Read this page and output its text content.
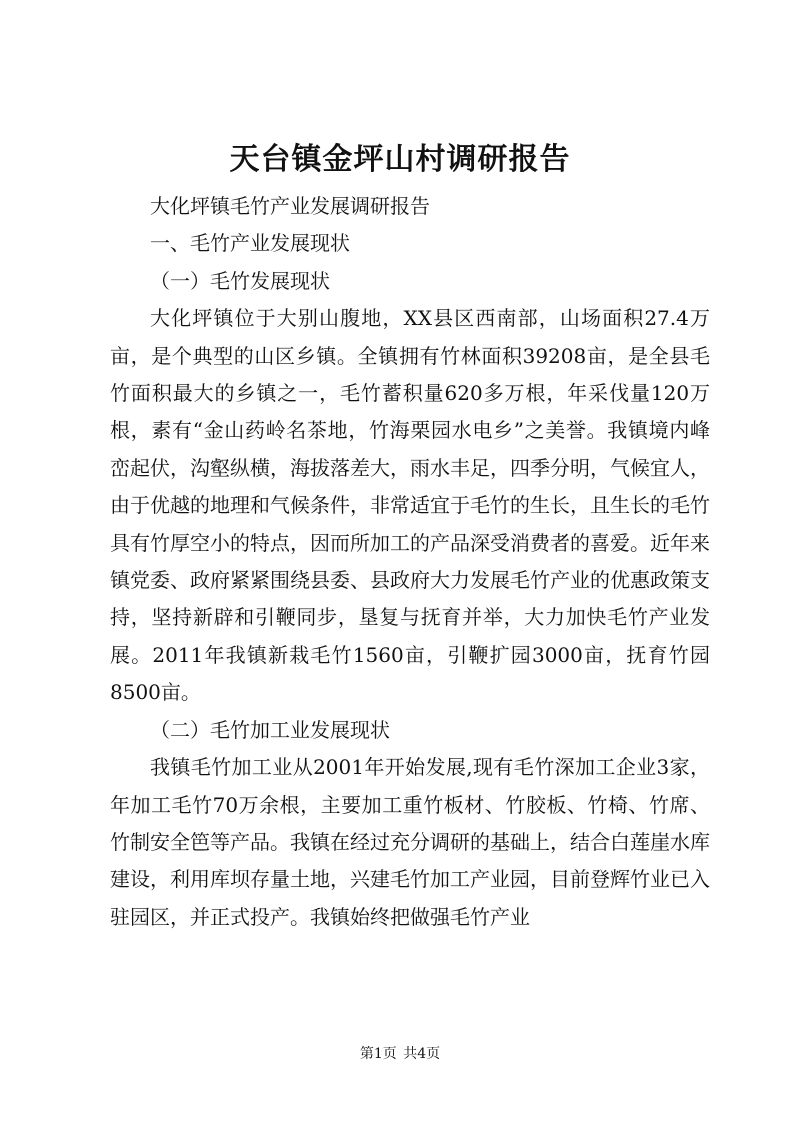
天台镇金坪山村调研报告

大化坪镇毛竹产业发展调研报告

一、毛竹产业发展现状

（一）毛竹发展现状

大化坪镇位于大别山腹地，XX县区西南部，山场面积27.4万亩，是个典型的山区乡镇。全镇拥有竹林面积39208亩，是全县毛竹面积最大的乡镇之一，毛竹蓄积量620多万根，年采伐量120万根，素有“金山药岭名茶地，竹海栗园水电乡”之美誉。我镇境内峰峦起伏，沟壑纵横，海拔落差大，雨水丰足，四季分明，气候宜人，由于优越的地理和气候条件，非常适宜于毛竹的生长，且生长的毛竹具有竹厚空小的特点，因而所加工的产品深受消费者的喜爱。近年来镇党委、政府紧紧围绕县委、县政府大力发展毛竹产业的优惠政策支持，坚持新辟和引鞭同步，垦复与抚育并举，大力加快毛竹产业发展。2011年我镇新栽毛竹1560亩，引鞭扩园3000亩，抚育竹园8500亩。

（二）毛竹加工业发展现状

我镇毛竹加工业从2001年开始发展,现有毛竹深加工企业3家，年加工毛竹70万余根，主要加工重竹板材、竹胶板、竹椅、竹席、竹制安全笆等产品。我镇在经过充分调研的基础上，结合白莲崖水库建设，利用库坝存量土地，兴建毛竹加工产业园，目前登辉竹业已入驻园区，并正式投产。我镇始终把做强毛竹产业

第1页 共4页
